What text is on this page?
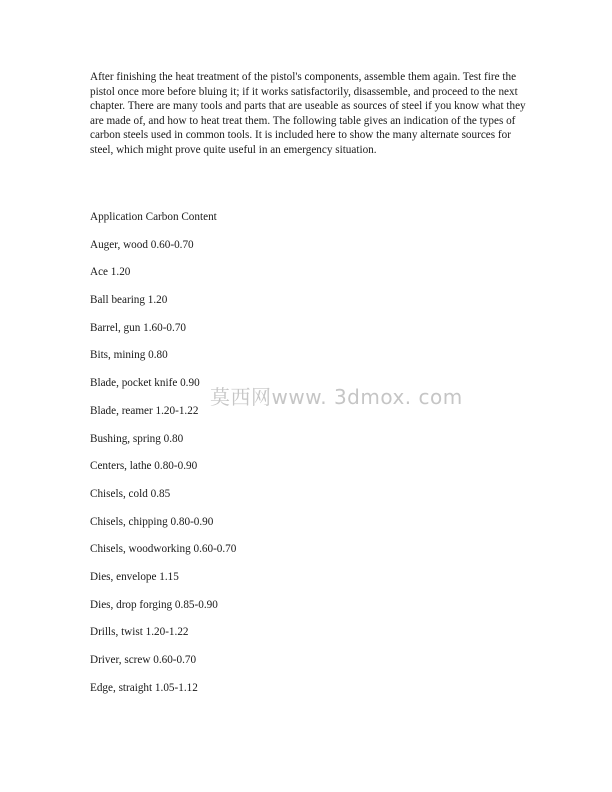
After finishing the heat treatment of the pistol's components, assemble them again. Test fire the pistol once more before bluing it; if it works satisfactorily, disassemble, and proceed to the next chapter. There are many tools and parts that are useable as sources of steel if you know what they are made of, and how to heat treat them. The following table gives an indication of the types of carbon steels used in common tools. It is included here to show the many alternate sources for steel, which might prove quite useful in an emergency situation.

Application Carbon Content
Auger, wood 0.60-0.70
Ace 1.20
Ball bearing 1.20
Barrel, gun 1.60-0.70
Bits, mining 0.80
Blade, pocket knife 0.90
Blade, reamer 1.20-1.22
Bushing, spring 0.80
Centers, lathe 0.80-0.90
Chisels, cold 0.85
Chisels, chipping 0.80-0.90
Chisels, woodworking 0.60-0.70
Dies, envelope 1.15
Dies, drop forging 0.85-0.90
Drills, twist 1.20-1.22
Driver, screw 0.60-0.70
Edge, straight 1.05-1.12
莫西网www. 3dmox. com
